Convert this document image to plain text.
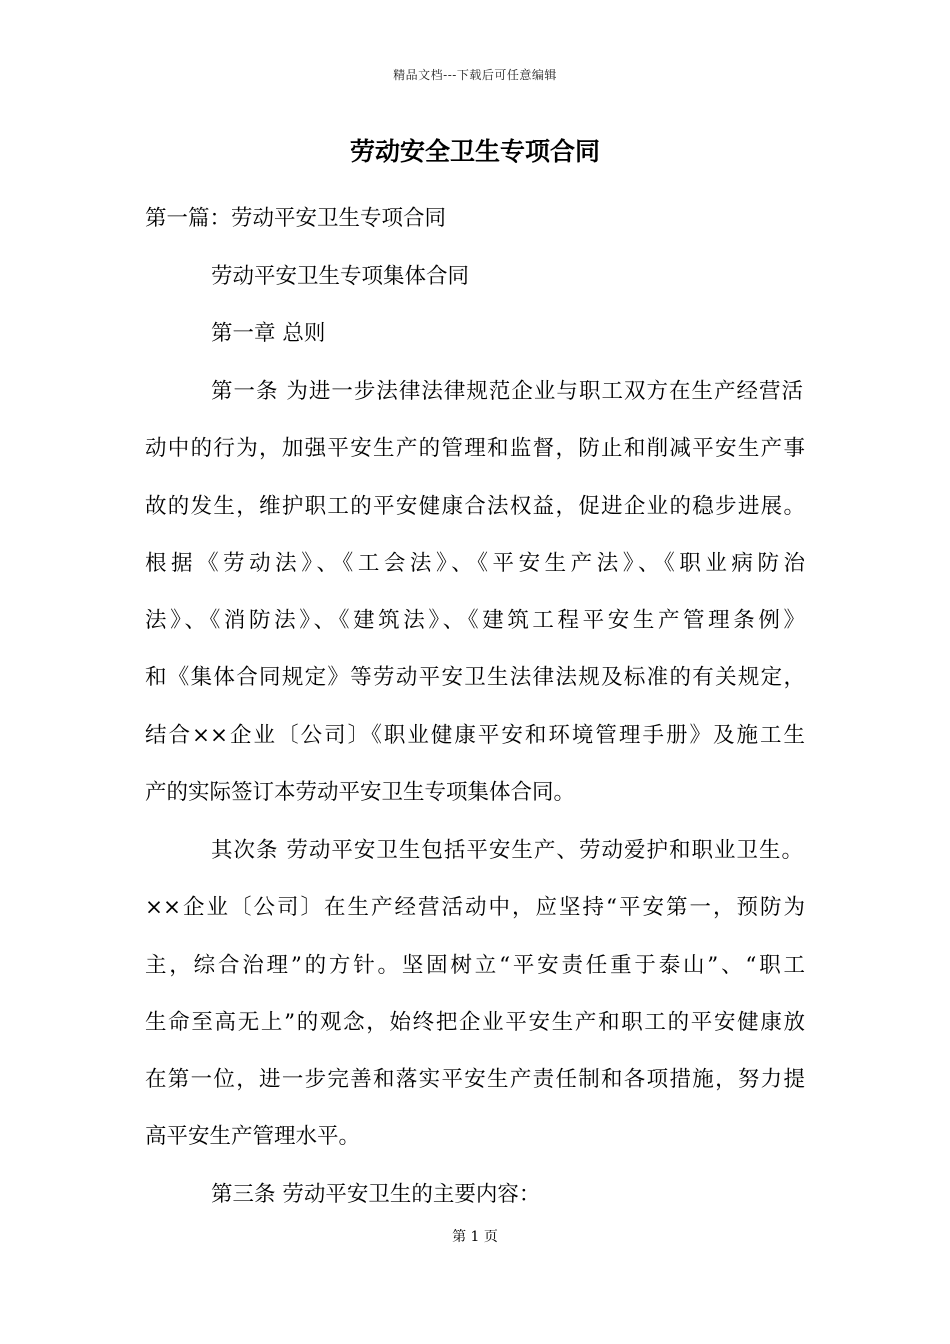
精品文档---下载后可任意编辑
劳动安全卫生专项合同
第一篇：劳动平安卫生专项合同
劳动平安卫生专项集体合同
第一章 总则
第一条 为进一步法律法律规范企业与职工双方在生产经营活
动中的行为，加强平安生产的管理和监督，防止和削减平安生产事
故的发生，维护职工的平安健康合法权益，促进企业的稳步进展。
根据《劳动法》、《工会法》、《平安生产法》、《职业病防治
法》、《消防法》、《建筑法》、《建筑工程平安生产管理条例》
和《集体合同规定》等劳动平安卫生法律法规及标准的有关规定，
结合××企业〔公司〕《职业健康平安和环境管理手册》及施工生
产的实际签订本劳动平安卫生专项集体合同。
其次条 劳动平安卫生包括平安生产、劳动爱护和职业卫生。
××企业〔公司〕在生产经营活动中，应坚持“平安第一，预防为
主，综合治理”的方针。坚固树立“平安责任重于泰山”、“职工
生命至高无上”的观念，始终把企业平安生产和职工的平安健康放
在第一位，进一步完善和落实平安生产责任制和各项措施，努力提
高平安生产管理水平。
第三条 劳动平安卫生的主要内容：
第 1 页
